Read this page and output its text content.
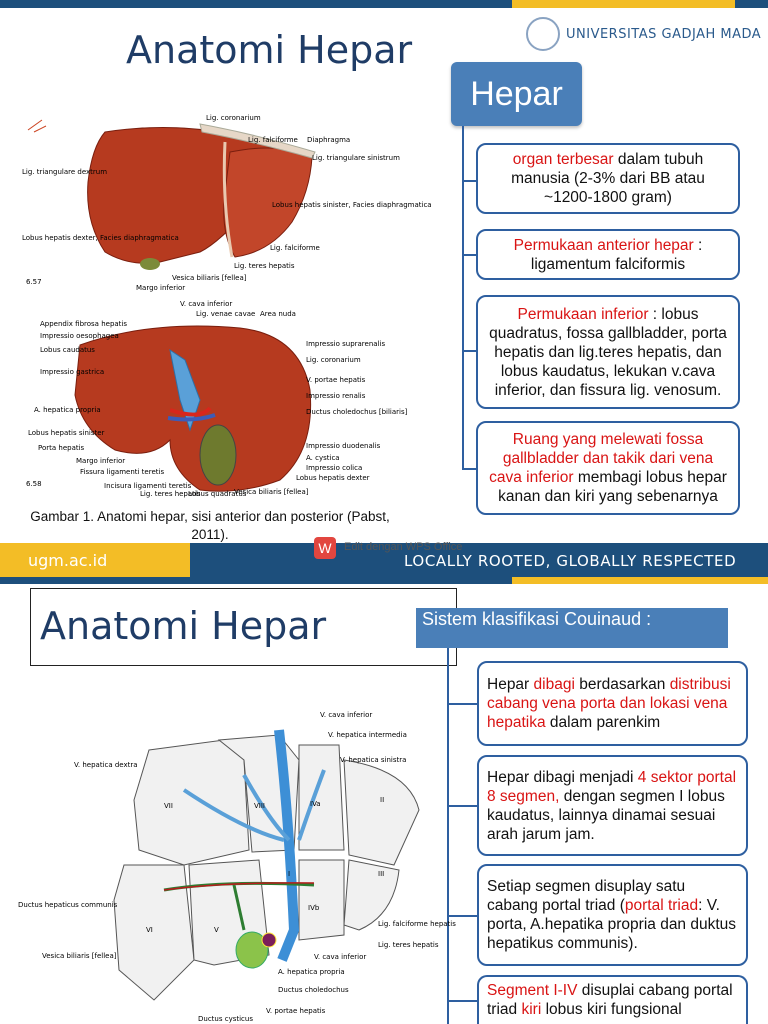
Anatomi Hepar	UNIVERSITAS GADJAH MADA
Hepar
organ terbesar dalam tubuh manusia (2-3% dari BB atau ~1200-1800 gram)
Permukaan anterior hepar : ligamentum falciformis
Permukaan inferior : lobus quadratus, fossa gallbladder, porta hepatis dan lig.teres hepatis, dan lobus kaudatus, lekukan v.cava inferior, dan fissura lig. venosum.
Ruang yang melewati fossa gallbladder dan takik dari vena cava inferior membagi lobus hepar kanan dan kiri yang sebenarnya
Lig. coronarium
Lig. falciforme Diaphragma
Lig. triangulare sinistrum
Lig. triangulare dextrum
Lobus hepatis sinister, Facies diaphragmatica
Lobus hepatis dexter, Facies diaphragmatica
Lig. falciforme
Lig. teres hepatis
Vesica biliaris [fellea]
Margo inferior
6.57
V. cava inferior
Lig. venae cavae Area nuda
Appendix fibrosa hepatis
Impressio oesophagea
Lobus caudatus
Impressio gastrica
A. hepatica propria
Lobus hepatis sinister
Porta hepatis
Margo inferior
Fissura ligamenti teretis
Incisura ligamenti teretis
Lig. teres hepatis
Lobus quadratus
Vesica biliaris [fellea]
Lobus hepatis dexter
Impressio suprarenalis
Lig. coronarium
V. portae hepatis
Impressio renalis
Ductus choledochus [biliaris]
A. cystica
Impressio colica
Impressio duodenalis
6.58
Gambar 1. Anatomi hepar, sisi anterior dan posterior (Pabst, 2011).
ugm.ac.id	LOCALLY ROOTED, GLOBALLY RESPECTED
W	Edit dengan WPS Office
Anatomi Hepar	Sistem klasifikasi Couinaud :
Hepar dibagi berdasarkan distribusi cabang vena porta dan lokasi vena hepatika dalam parenkim
Hepar dibagi menjadi 4 sektor portal 8 segmen, dengan segmen I lobus kaudatus, lainnya dinamai sesuai arah jarum jam.
Setiap segmen disuplay satu cabang portal triad (portal triad: V. porta, A.hepatika propria dan duktus hepatikus communis).
Segment I-IV disuplai cabang portal triad kiri lobus kiri fungsional
VII	VIII	IVa	II
III
IVb
VI	V
I
V. hepatica dextra
Ductus hepaticus communis
Vesica biliaris [fellea]
Ductus cysticus
V. cava inferior
V. hepatica intermedia
V. hepatica sinistra
Lig. falciforme hepatis
Lig. teres hepatis
V. cava inferior
A. hepatica propria
Ductus choledochus
V. portae hepatis
